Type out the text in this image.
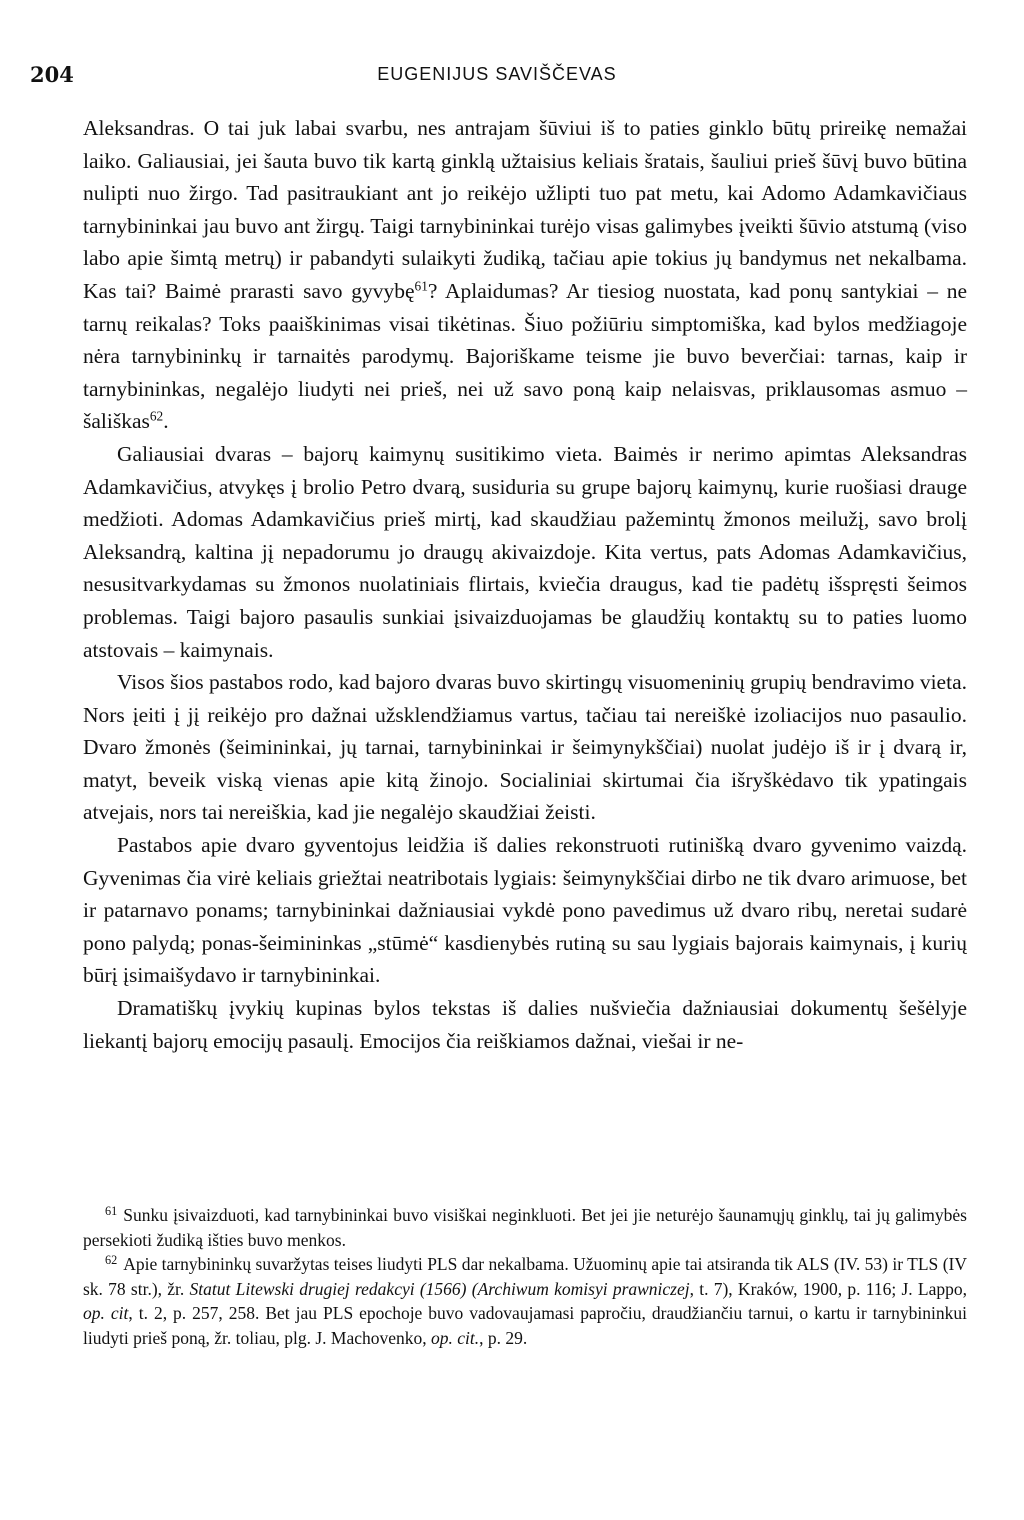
204	EUGENIJUS SAVIŠČEVAS

Aleksandras. O tai juk labai svarbu, nes antrajam šūviui iš to paties ginklo būtų prireikę nemažai laiko. Galiausiai, jei šauta buvo tik kartą ginklą užtaisius keliais šratais, šauliui prieš šūvį buvo būtina nulipti nuo žirgo. Tad pasitraukiant ant jo reikėjo užlipti tuo pat metu, kai Adomo Adamkavičiaus tarnybininkai jau buvo ant žirgų. Taigi tarnybininkai turėjo visas galimybes įveikti šūvio atstumą (viso labo apie šimtą metrų) ir pabandyti sulaikyti žudiką, tačiau apie tokius jų bandymus net nekalbama. Kas tai? Baimė prarasti savo gyvybę$^{61}$? Aplaidumas? Ar tiesiog nuostata, kad ponų santykiai – ne tarnų reikalas? Toks paaiškinimas visai tikėtinas. Šiuo požiūriu simptomiška, kad bylos medžiagoje nėra tarnybininkų ir tarnaitės parodymų. Bajoriškame teisme jie buvo beverčiai: tarnas, kaip ir tarnybininkas, negalėjo liudyti nei prieš, nei už savo poną kaip nelaisvas, priklausomas asmuo – šališkas$^{62}$.

Galiausiai dvaras – bajorų kaimynų susitikimo vieta. Baimės ir nerimo apimtas Aleksandras Adamkavičius, atvykęs į brolio Petro dvarą, susiduria su grupe bajorų kaimynų, kurie ruošiasi drauge medžioti. Adomas Adamkavičius prieš mirtį, kad skaudžiau pažemintų žmonos meilužį, savo brolį Aleksandrą, kaltina jį nepadorumu jo draugų akivaizdoje. Kita vertus, pats Adomas Adamkavičius, nesusitvarkydamas su žmonos nuolatiniais flirtais, kviečia draugus, kad tie padėtų išspręsti šeimos problemas. Taigi bajoro pasaulis sunkiai įsivaizduojamas be glaudžių kontaktų su to paties luomo atstovais – kaimynais.

Visos šios pastabos rodo, kad bajoro dvaras buvo skirtingų visuomeninių grupių bendravimo vieta. Nors įeiti į jį reikėjo pro dažnai užsklendžiamus vartus, tačiau tai nereiškė izoliacijos nuo pasaulio. Dvaro žmonės (šeimininkai, jų tarnai, tarnybininkai ir šeimynykščiai) nuolat judėjo iš ir į dvarą ir, matyt, beveik viską vienas apie kitą žinojo. Socialiniai skirtumai čia išryškėdavo tik ypatingais atvejais, nors tai nereiškia, kad jie negalėjo skaudžiai žeisti.

Pastabos apie dvaro gyventojus leidžia iš dalies rekonstruoti rutinišką dvaro gyvenimo vaizdą. Gyvenimas čia virė keliais griežtai neatribotais lygiais: šeimynykščiai dirbo ne tik dvaro arimuose, bet ir patarnavo ponams; tarnybininkai dažniausiai vykdė pono pavedimus už dvaro ribų, neretai sudarė pono palydą; ponas-šeimininkas „stūmė“ kasdienybės rutiną su sau lygiais bajorais kaimynais, į kurių būrį įsimaišydavo ir tarnybininkai.

Dramatiškų įvykių kupinas bylos tekstas iš dalies nušviečia dažniausiai dokumentų šešėlyje liekantį bajorų emocijų pasaulį. Emocijos čia reiškiamos dažnai, viešai ir ne-

$^{61}$ Sunku įsivaizduoti, kad tarnybininkai buvo visiškai neginkluoti. Bet jei jie neturėjo šaunamųjų ginklų, tai jų galimybės persekioti žudiką išties buvo menkos.

$^{62}$ Apie tarnybininkų suvaržytas teises liudyti PLS dar nekalbama. Užuominų apie tai atsiranda tik ALS (IV. 53) ir TLS (IV sk. 78 str.), žr. Statut Litewski drugiej redakcyi (1566) (Archiwum komisyi prawniczej, t. 7), Kraków, 1900, p. 116; J. Lappo, op. cit, t. 2, p. 257, 258. Bet jau PLS epochoje buvo vadovaujamasi papročiu, draudžiančiu tarnui, o kartu ir tarnybininkui liudyti prieš poną, žr. toliau, plg. J. Machovenko, op. cit., p. 29.
